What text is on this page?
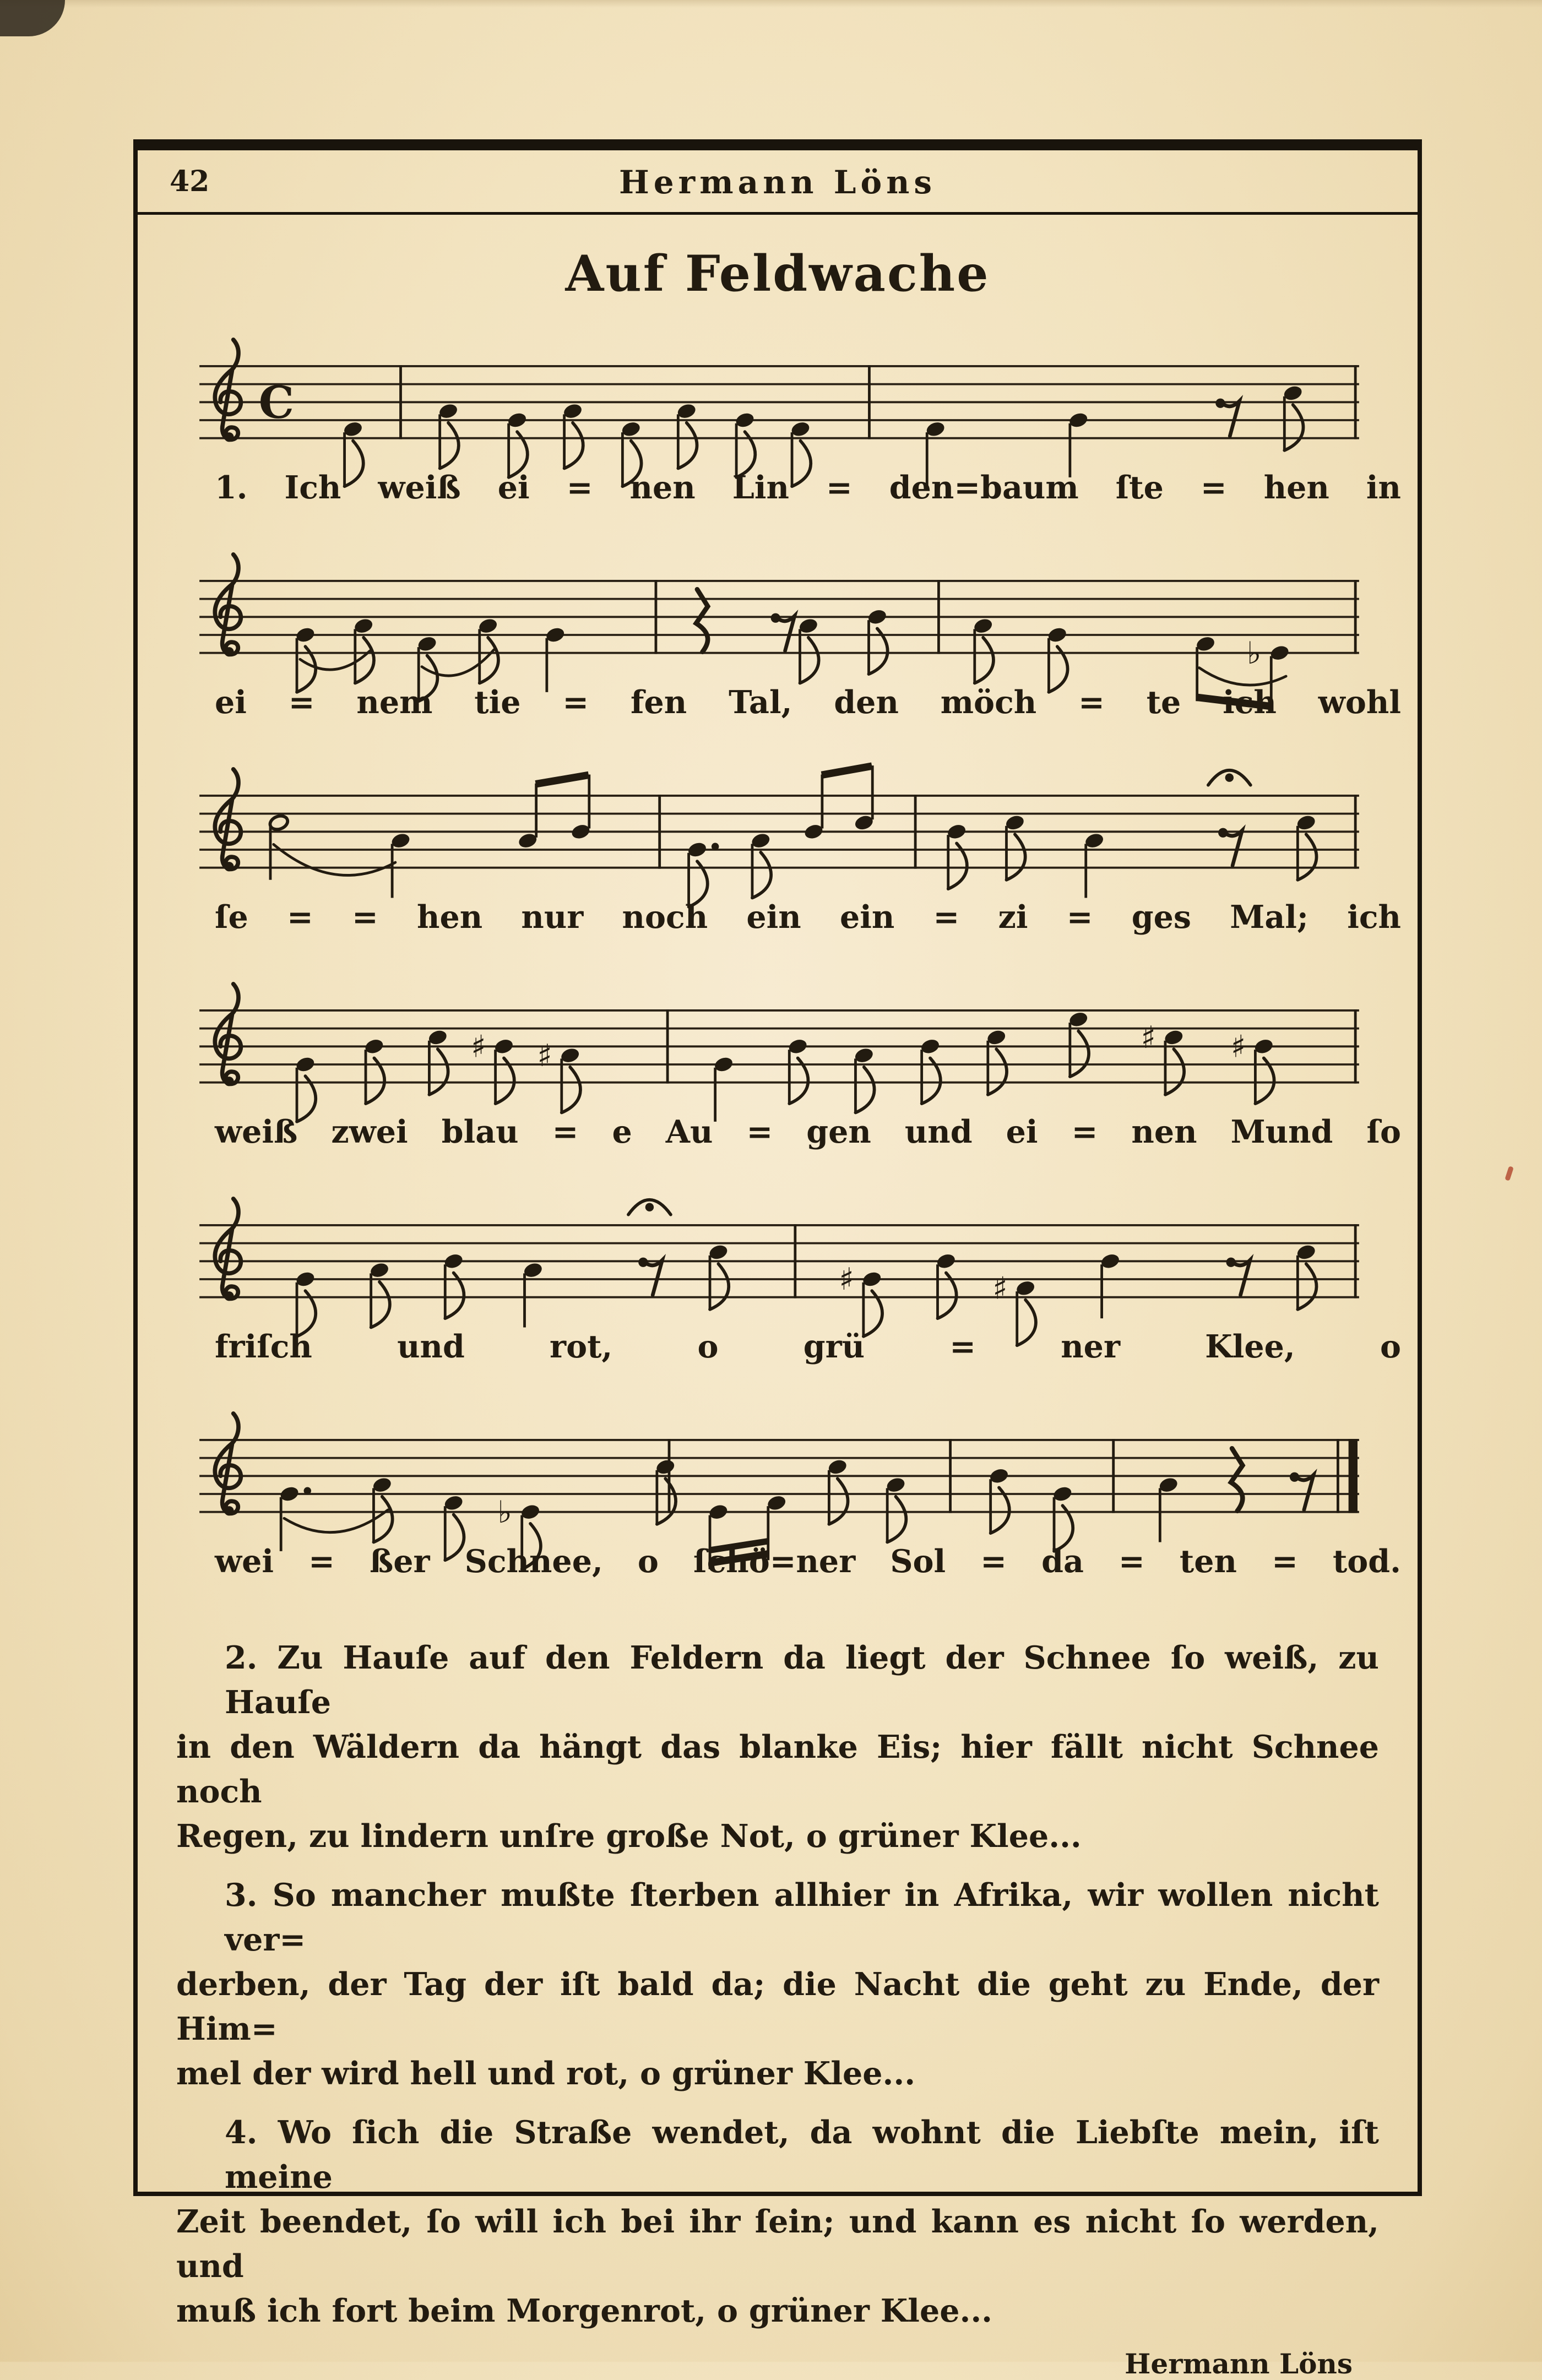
42	Hermann Löns
Auf Feldwache
C
1. Ich weiß ei = nen Lin = den=baum ſte = hen in
♭
ei = nem tie = fen Tal, den möch = te ich wohl
ſe = = hen nur noch ein ein = zi = ges Mal; ich
♯ ♯
♯ ♯
weiß zwei blau = e Au = gen und ei = nen Mund ſo
♯	♯
friſch und rot, o grü = ner Klee, o
♭
wei = ßer Schnee, o ſchö=ner Sol = da = ten = tod.
2. Zu Hauſe auf den Feldern da liegt der Schnee ſo weiß, zu Hauſe
in den Wäldern da hängt das blanke Eis; hier fällt nicht Schnee noch
Regen, zu lindern unſre große Not, o grüner Klee...
3. So mancher mußte ſterben allhier in Afrika, wir wollen nicht ver=
derben, der Tag der iſt bald da; die Nacht die geht zu Ende, der Him=
mel der wird hell und rot, o grüner Klee...
4. Wo ſich die Straße wendet, da wohnt die Liebſte mein, iſt meine
Zeit beendet, ſo will ich bei ihr ſein; und kann es nicht ſo werden, und
muß ich fort beim Morgenrot, o grüner Klee...
Hermann Löns
